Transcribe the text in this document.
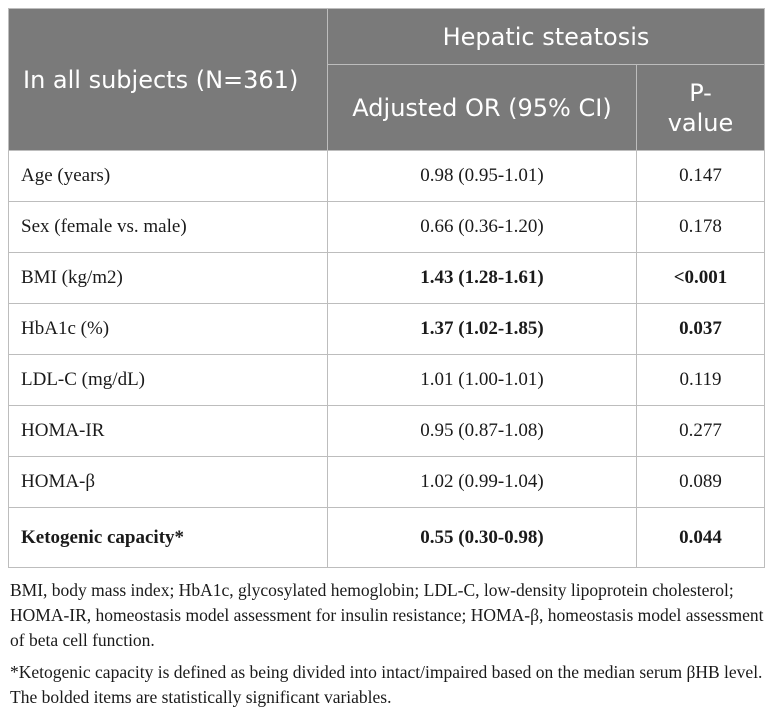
In all subjects (N=361)	Hepatic steatosis	
	Adjusted OR (95% CI)	P-
value
Age (years)	0.98 (0.95-1.01)	0.147
Sex (female vs. male)	0.66 (0.36-1.20)	0.178
BMI (kg/m2)	1.43 (1.28-1.61)	<0.001
HbA1c (%)	1.37 (1.02-1.85)	0.037
LDL-C (mg/dL)	1.01 (1.00-1.01)	0.119
HOMA-IR	0.95 (0.87-1.08)	0.277
HOMA-β	1.02 (0.99-1.04)	0.089
Ketogenic capacity*	0.55 (0.30-0.98)	0.044

BMI, body mass index; HbA1c, glycosylated hemoglobin; LDL-C, low-density lipoprotein cholesterol; HOMA-IR, homeostasis model assessment for insulin resistance; HOMA-β, homeostasis model assessment of beta cell function.

*Ketogenic capacity is defined as being divided into intact/impaired based on the median serum βHB level. The bolded items are statistically significant variables.
